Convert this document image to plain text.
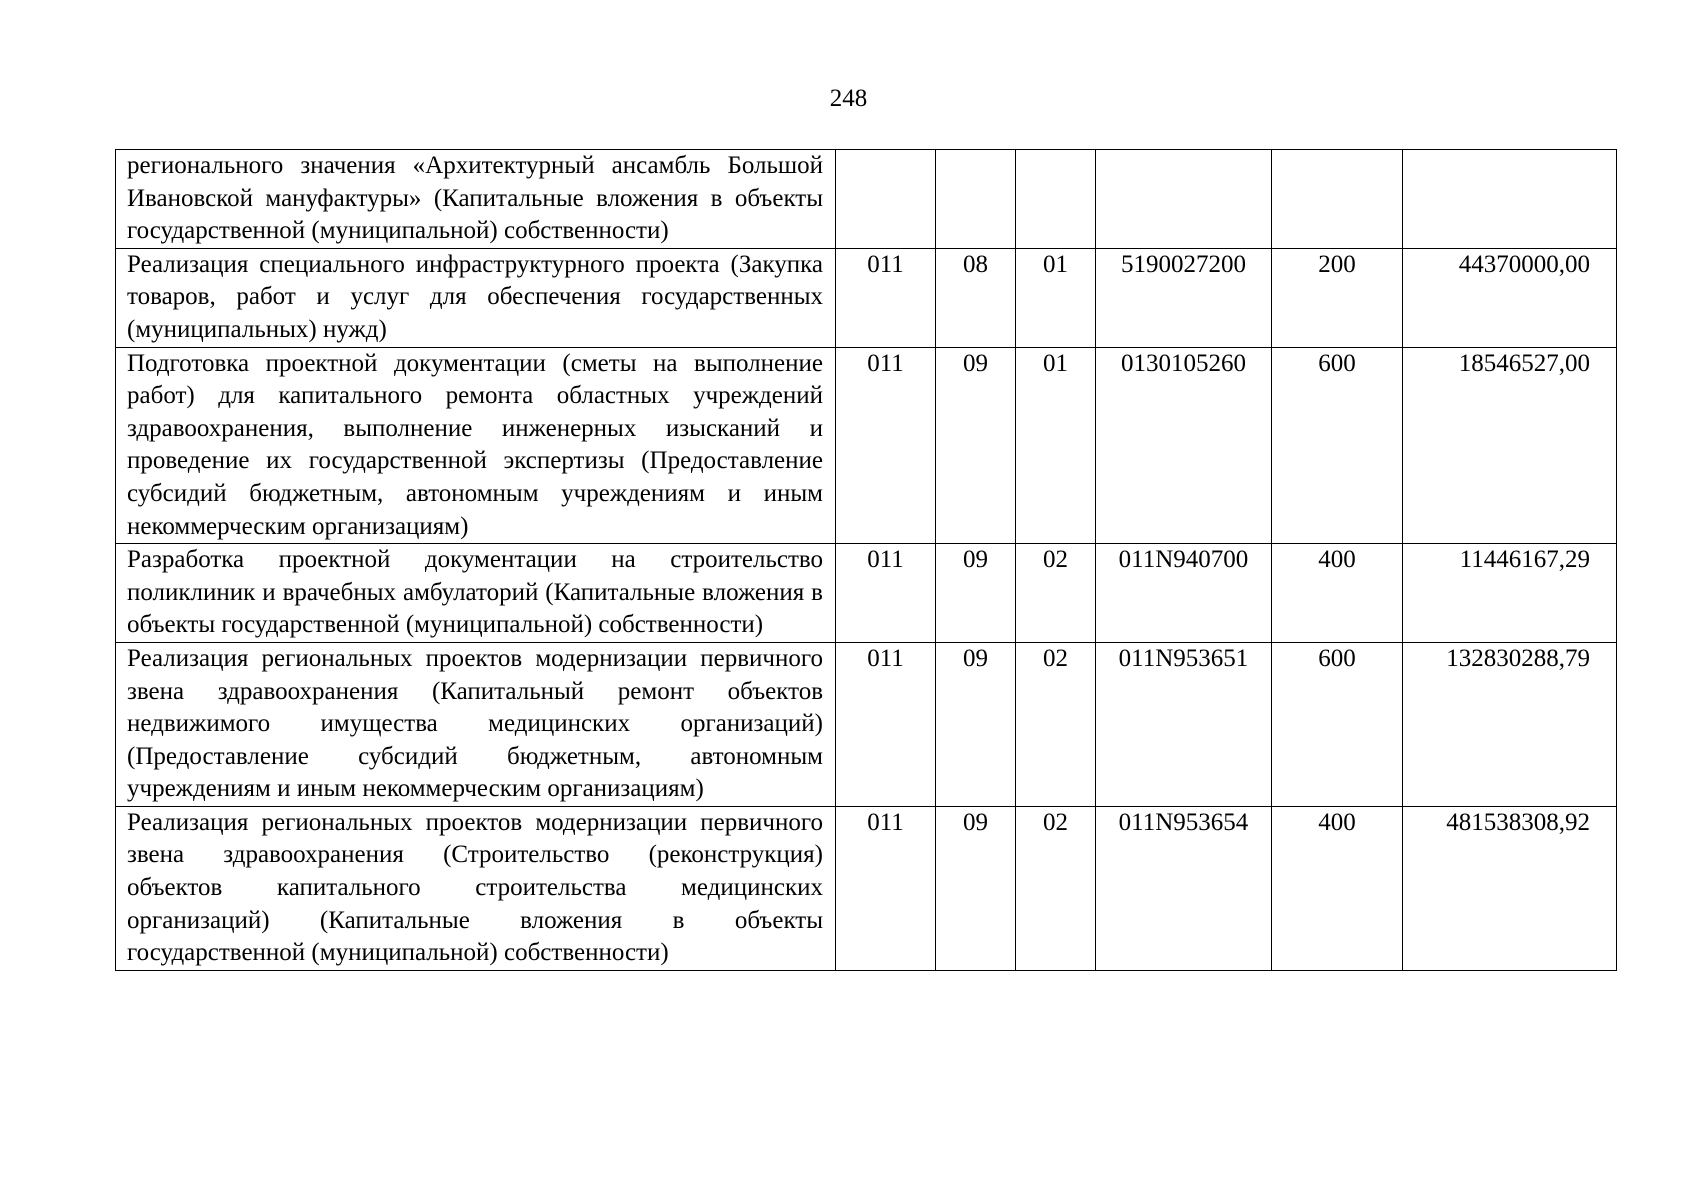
248
регионального значения «Архитектурный ансамбль Большой Ивановской мануфактуры» (Капитальные вложения в объекты государственной (муниципальной) собственности)						
Реализация специального инфраструктурного проекта (Закупка товаров, работ и услуг для обеспечения государственных (муниципальных) нужд)	011	08	01	5190027200	200	44370000,00
Подготовка проектной документации (сметы на выполнение работ) для капитального ремонта областных учреждений здравоохранения, выполнение инженерных изысканий и проведение их государственной экспертизы (Предоставление субсидий бюджетным, автономным учреждениям и иным некоммерческим организациям)	011	09	01	0130105260	600	18546527,00
Разработка проектной документации на строительство поликлиник и врачебных амбулаторий (Капитальные вложения в объекты государственной (муниципальной) собственности)	011	09	02	011N940700	400	11446167,29
Реализация региональных проектов модернизации первичного звена здравоохранения (Капитальный ремонт объектов недвижимого имущества медицинских организаций) (Предоставление субсидий бюджетным, автономным учреждениям и иным некоммерческим организациям)	011	09	02	011N953651	600	132830288,79
Реализация региональных проектов модернизации первичного звена здравоохранения (Строительство (реконструкция) объектов капитального строительства медицинских организаций) (Капитальные вложения в объекты государственной (муниципальной) собственности)	011	09	02	011N953654	400	481538308,92
